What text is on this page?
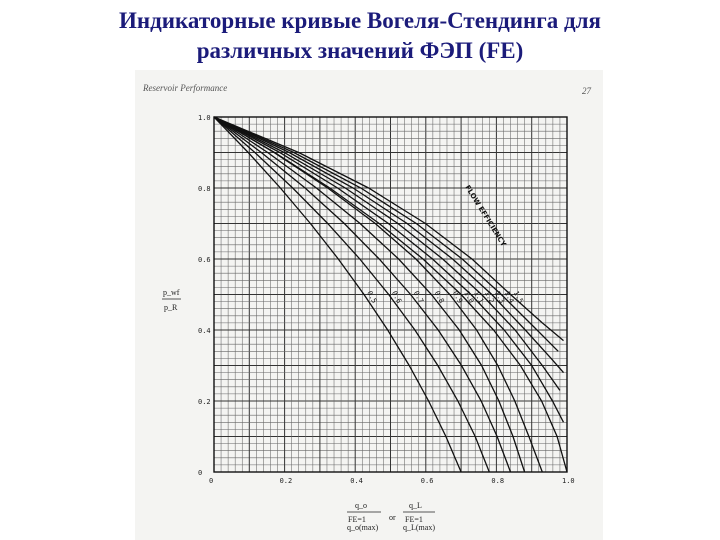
Индикаторные кривые Вогеля-Стендинга для
различных значений ФЭП (FE)
Reservoir Performance	27
0	0.2	0.4	0.6	0.8	1.0
0
0.2
0.4
0.6
0.8
1.0
0.5 0.6 0.7 0.8 0.9
1.0
1.1
1.2
1.3
1.4
1.5
p_wf
p_R
q_o
FE=1
q_o(max)
or
q_L
FE=1
q_L(max)
FLOW EFFICIENCY
